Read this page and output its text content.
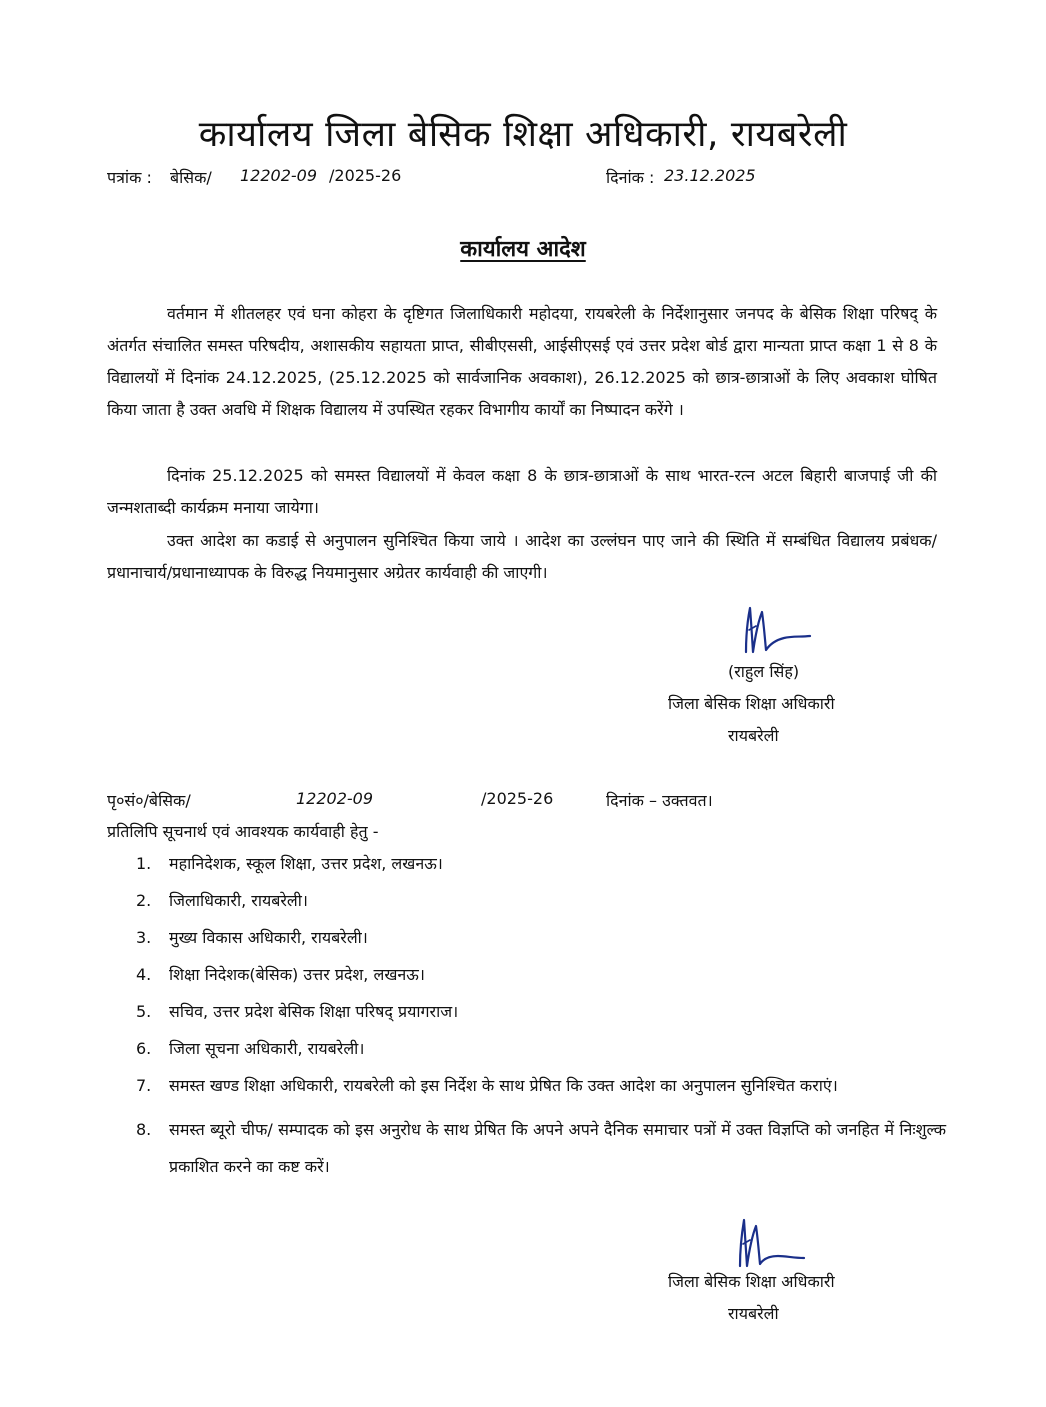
कार्यालय जिला बेसिक शिक्षा अधिकारी, रायबरेली
पत्रांक : बेसिक/ 12202-09 /2025-26	दिनांक : 23.12.2025
कार्यालय आदेश

वर्तमान में शीतलहर एवं घना कोहरा के दृष्टिगत जिलाधिकारी महोदया, रायबरेली के निर्देशानुसार जनपद के बेसिक शिक्षा परिषद् के अंतर्गत संचालित समस्त परिषदीय, अशासकीय सहायता प्राप्त, सीबीएससी, आईसीएसई एवं उत्तर प्रदेश बोर्ड द्वारा मान्यता प्राप्त कक्षा 1 से 8 के विद्यालयों में दिनांक 24.12.2025, (25.12.2025 को सार्वजानिक अवकाश), 26.12.2025 को छात्र-छात्राओं के लिए अवकाश घोषित किया जाता है उक्त अवधि में शिक्षक विद्यालय में उपस्थित रहकर विभागीय कार्यों का निष्पादन करेंगे ।

दिनांक 25.12.2025 को समस्त विद्यालयों में केवल कक्षा 8 के छात्र-छात्राओं के साथ भारत-रत्न अटल बिहारी बाजपाई जी की जन्मशताब्दी कार्यक्रम मनाया जायेगा।

उक्त आदेश का कडाई से अनुपालन सुनिश्चित किया जाये । आदेश का उल्लंघन पाए जाने की स्थिति में सम्बंधित विद्यालय प्रबंधक/प्रधानाचार्य/प्रधानाध्यापक के विरुद्ध नियमानुसार अग्रेतर कार्यवाही की जाएगी।

(राहुल सिंह)
जिला बेसिक शिक्षा अधिकारी
रायबरेली
पृ०सं०/बेसिक/	12202-09	/2025-26	दिनांक – उक्तवत।
प्रतिलिपि सूचनार्थ एवं आवश्यक कार्यवाही हेतु -
1. महानिदेशक, स्कूल शिक्षा, उत्तर प्रदेश, लखनऊ।
2. जिलाधिकारी, रायबरेली।
3. मुख्य विकास अधिकारी, रायबरेली।
4. शिक्षा निदेशक(बेसिक) उत्तर प्रदेश, लखनऊ।
5. सचिव, उत्तर प्रदेश बेसिक शिक्षा परिषद् प्रयागराज।
6. जिला सूचना अधिकारी, रायबरेली।
7. समस्त खण्ड शिक्षा अधिकारी, रायबरेली को इस निर्देश के साथ प्रेषित कि उक्त आदेश का अनुपालन सुनिश्चित कराएं।
8. समस्त ब्यूरो चीफ/ सम्पादक को इस अनुरोध के साथ प्रेषित कि अपने अपने दैनिक समाचार पत्रों में उक्त विज्ञप्ति को जनहित में निःशुल्क प्रकाशित करने का कष्ट करें।
जिला बेसिक शिक्षा अधिकारी
रायबरेली
